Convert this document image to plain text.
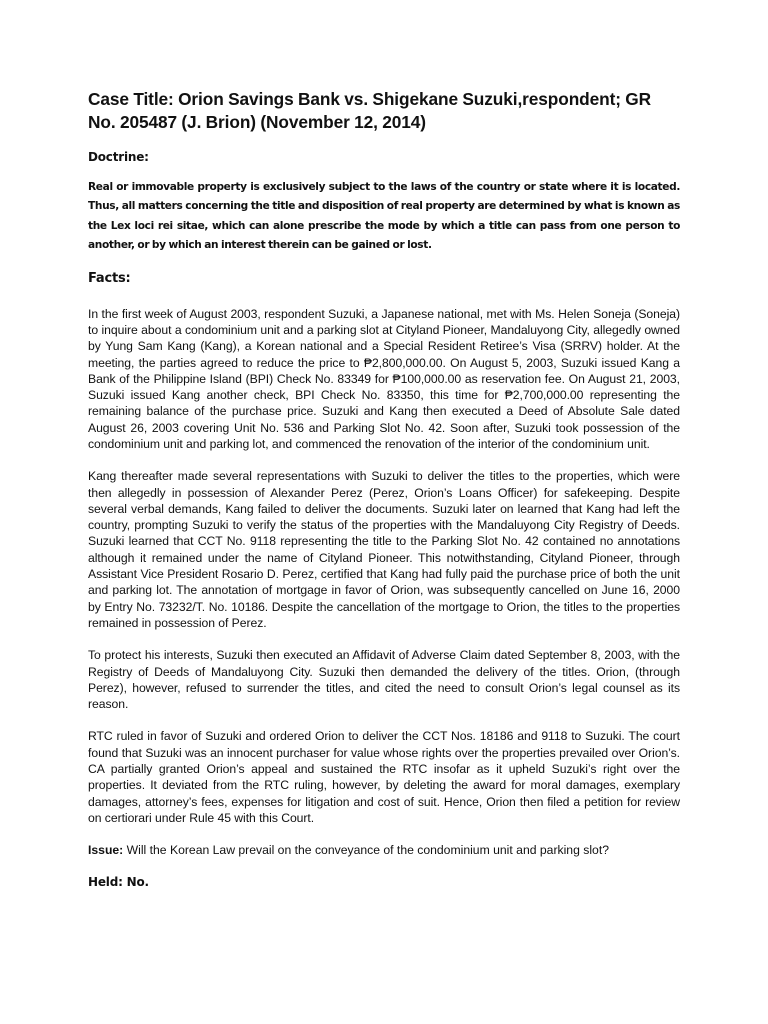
Case Title: Orion Savings Bank vs. Shigekane Suzuki,respondent; GR No. 205487 (J. Brion) (November 12, 2014)
Doctrine:

Real or immovable property is exclusively subject to the laws of the country or state where it is located. Thus, all matters concerning the title and disposition of real property are determined by what is known as the Lex loci rei sitae, which can alone prescribe the mode by which a title can pass from one person to another, or by which an interest therein can be gained or lost.

Facts:

In the first week of August 2003, respondent Suzuki, a Japanese national, met with Ms. Helen Soneja (Soneja) to inquire about a condominium unit and a parking slot at Cityland Pioneer, Mandaluyong City, allegedly owned by Yung Sam Kang (Kang), a Korean national and a Special Resident Retiree’s Visa (SRRV) holder. At the meeting, the parties agreed to reduce the price to ₱2,800,000.00. On August 5, 2003, Suzuki issued Kang a Bank of the Philippine Island (BPI) Check No. 83349 for ₱100,000.00 as reservation fee. On August 21, 2003, Suzuki issued Kang another check, BPI Check No. 83350, this time for ₱2,700,000.00 representing the remaining balance of the purchase price. Suzuki and Kang then executed a Deed of Absolute Sale dated August 26, 2003 covering Unit No. 536 and Parking Slot No. 42. Soon after, Suzuki took possession of the condominium unit and parking lot, and commenced the renovation of the interior of the condominium unit.

Kang thereafter made several representations with Suzuki to deliver the titles to the properties, which were then allegedly in possession of Alexander Perez (Perez, Orion’s Loans Officer) for safekeeping. Despite several verbal demands, Kang failed to deliver the documents. Suzuki later on learned that Kang had left the country, prompting Suzuki to verify the status of the properties with the Mandaluyong City Registry of Deeds. Suzuki learned that CCT No. 9118 representing the title to the Parking Slot No. 42 contained no annotations although it remained under the name of Cityland Pioneer. This notwithstanding, Cityland Pioneer, through Assistant Vice President Rosario D. Perez, certified that Kang had fully paid the purchase price of both the unit and parking lot. The annotation of mortgage in favor of Orion, was subsequently cancelled on June 16, 2000 by Entry No. 73232/T. No. 10186. Despite the cancellation of the mortgage to Orion, the titles to the properties remained in possession of Perez.

To protect his interests, Suzuki then executed an Affidavit of Adverse Claim dated September 8, 2003, with the Registry of Deeds of Mandaluyong City. Suzuki then demanded the delivery of the titles. Orion, (through Perez), however, refused to surrender the titles, and cited the need to consult Orion’s legal counsel as its reason.

RTC ruled in favor of Suzuki and ordered Orion to deliver the CCT Nos. 18186 and 9118 to Suzuki. The court found that Suzuki was an innocent purchaser for value whose rights over the properties prevailed over Orion’s. CA partially granted Orion’s appeal and sustained the RTC insofar as it upheld Suzuki’s right over the properties. It deviated from the RTC ruling, however, by deleting the award for moral damages, exemplary damages, attorney’s fees, expenses for litigation and cost of suit. Hence, Orion then filed a petition for review on certiorari under Rule 45 with this Court.

Issue: Will the Korean Law prevail on the conveyance of the condominium unit and parking slot?

Held: No.
